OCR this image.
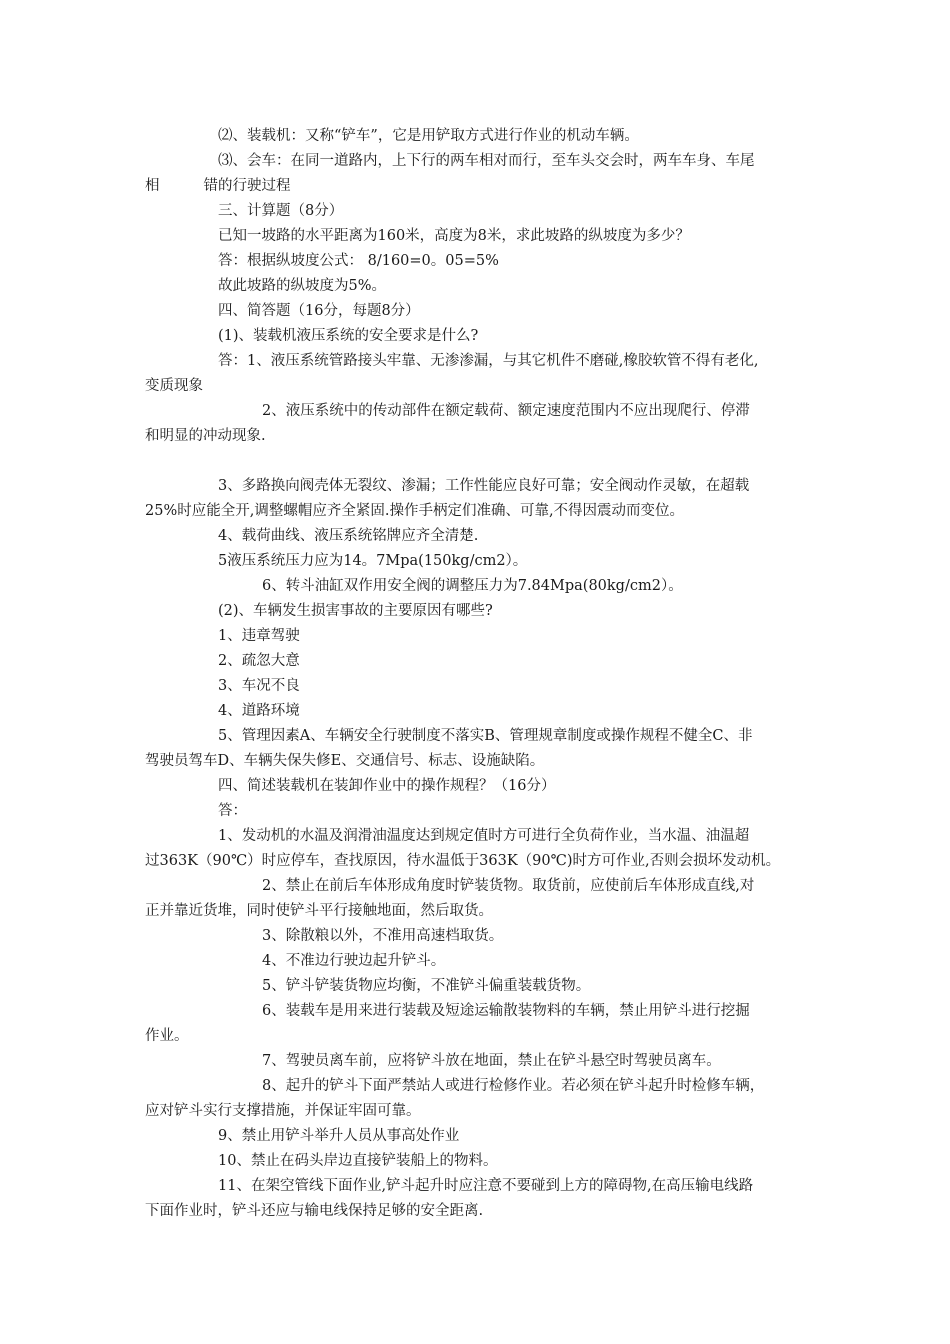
⑵、装载机：又称“铲车”，它是用铲取方式进行作业的机动车辆。
⑶、会车：在同一道路内，上下行的两车相对而行，至车头交会时，两车车身、车尾
相	错的行驶过程
三、计算题（8分）
已知一坡路的水平距离为160米，高度为8米，求此坡路的纵坡度为多少？
答：根据纵坡度公式： 8/160=0。05=5%
故此坡路的纵坡度为5%。
四、简答题（16分，每题8分）
(1)、装载机液压系统的安全要求是什么?
答：1、液压系统管路接头牢靠、无渗渗漏，与其它机件不磨碰,橡胶软管不得有老化,
变质现象
2、液压系统中的传动部件在额定载荷、额定速度范围内不应出现爬行、停滞
和明显的冲动现象.
3、多路换向阀壳体无裂纹、渗漏；工作性能应良好可靠；安全阀动作灵敏，在超载
25%时应能全开,调整螺帽应齐全紧固.操作手柄定们准确、可靠,不得因震动而变位。
4、载荷曲线、液压系统铭牌应齐全清楚.
5液压系统压力应为14。7Mpa(150kg/cm2）。
6、转斗油缸双作用安全阀的调整压力为7.84Mpa(80kg/cm2）。
(2)、车辆发生损害事故的主要原因有哪些?
1、违章驾驶
2、疏忽大意
3、车况不良
4、道路环境
5、管理因素A、车辆安全行驶制度不落实B、管理规章制度或操作规程不健全C、非
驾驶员驾车D、车辆失保失修E、交通信号、标志、设施缺陷。
四、简述装载机在装卸作业中的操作规程？（16分）
答：
1、发动机的水温及润滑油温度达到规定值时方可进行全负荷作业，当水温、油温超
过363K（90℃）时应停车，查找原因，待水温低于363K（90℃)时方可作业,否则会损坏发动机。
2、禁止在前后车体形成角度时铲装货物。取货前，应使前后车体形成直线,对
正并靠近货堆，同时使铲斗平行接触地面，然后取货。
3、除散粮以外，不准用高速档取货。
4、不准边行驶边起升铲斗。
5、铲斗铲装货物应均衡，不准铲斗偏重装载货物。
6、装载车是用来进行装载及短途运输散装物料的车辆，禁止用铲斗进行挖掘
作业。
7、驾驶员离车前，应将铲斗放在地面，禁止在铲斗悬空时驾驶员离车。
8、起升的铲斗下面严禁站人或进行检修作业。若必须在铲斗起升时检修车辆，
应对铲斗实行支撑措施，并保证牢固可靠。
9、禁止用铲斗举升人员从事高处作业
10、禁止在码头岸边直接铲装船上的物料。
11、在架空管线下面作业,铲斗起升时应注意不要碰到上方的障碍物,在高压输电线路
下面作业时，铲斗还应与输电线保持足够的安全距离.
